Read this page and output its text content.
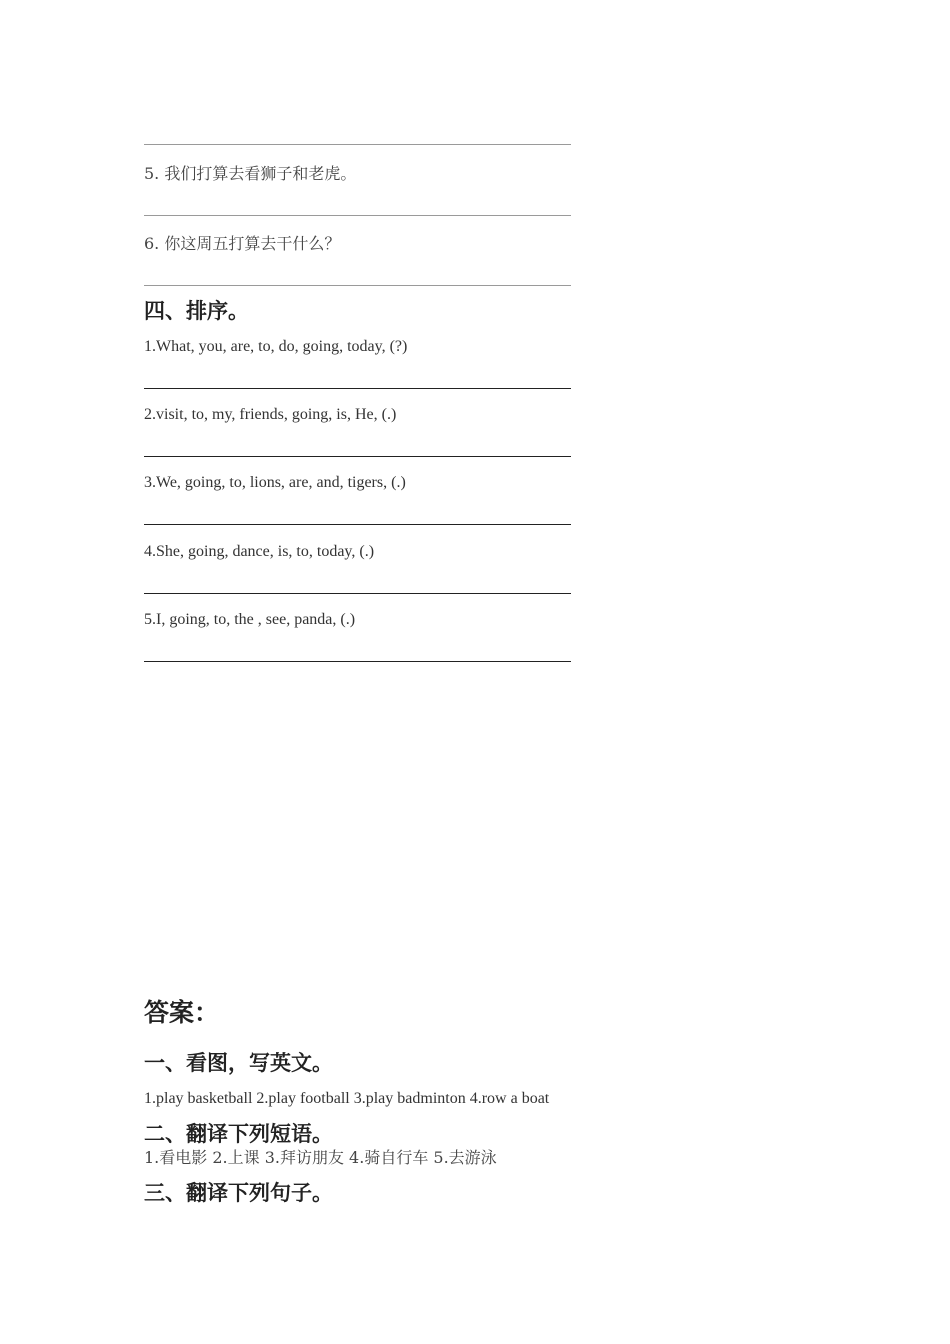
5. 我们打算去看狮子和老虎。
6. 你这周五打算去干什么？
四、排序。
1.What, you, are, to, do, going, today, (?)
2.visit, to, my, friends, going, is, He, (.)
3.We, going, to, lions, are, and, tigers, (.)
4.She, going, dance, is, to, today, (.)
5.I, going, to, the , see, panda, (.)
答案：
一、看图，写英文。
1.play basketball 2.play football 3.play badminton 4.row a boat
二、翻译下列短语。
1.看电影 2.上课 3.拜访朋友 4.骑自行车 5.去游泳
三、翻译下列句子。
